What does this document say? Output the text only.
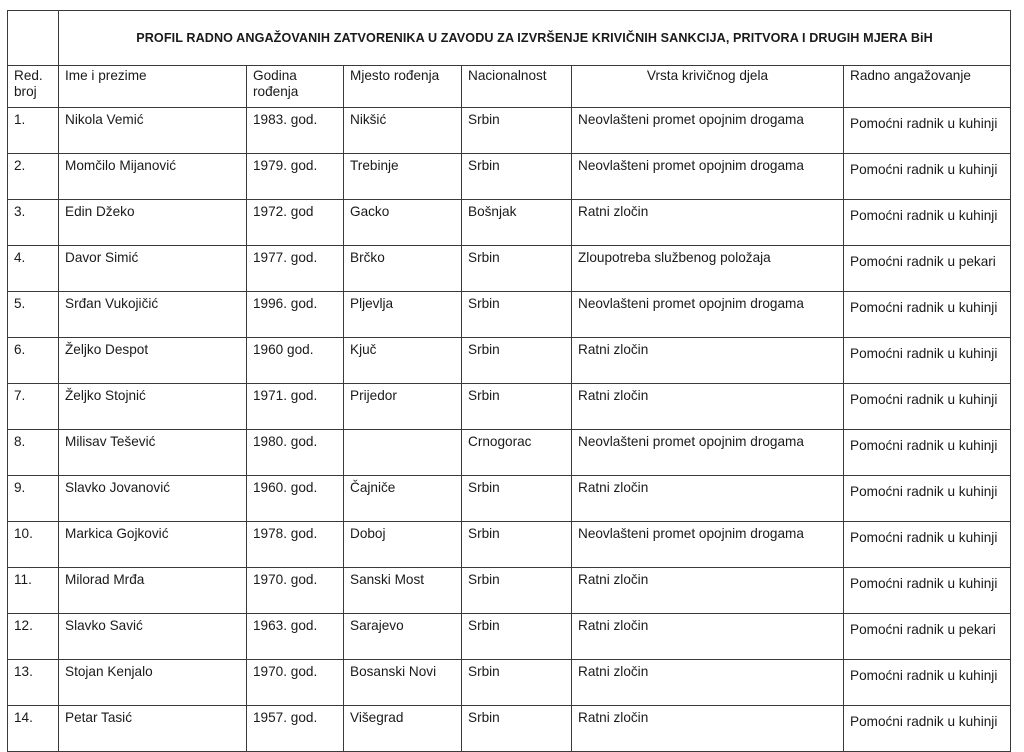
	PROFIL RADNO ANGAŽOVANIH ZATVORENIKA U ZAVODU ZA IZVRŠENJE KRIVIČNIH SANKCIJA, PRITVORA I DRUGIH MJERA BiH					
Red. broj	Ime i prezime	Godina rođenja	Mjesto rođenja	Nacionalnost	Vrsta krivičnog djela	Radno angažovanje
1.	Nikola Vemić	1983. god.	Nikšić	Srbin	Neovlašteni promet opojnim drogama	Pomoćni radnik u kuhinji
2.	Momčilo Mijanović	1979. god.	Trebinje	Srbin	Neovlašteni promet opojnim drogama	Pomoćni radnik u kuhinji
3.	Edin Džeko	1972. god	Gacko	Bošnjak	Ratni zločin	Pomoćni radnik u kuhinji
4.	Davor Simić	1977. god.	Brčko	Srbin	Zloupotreba službenog položaja	Pomoćni radnik u pekari
5.	Srđan Vukojičić	1996. god.	Pljevlja	Srbin	Neovlašteni promet opojnim drogama	Pomoćni radnik u kuhinji
6.	Željko Despot	1960 god.	Kjuč	Srbin	Ratni zločin	Pomoćni radnik u kuhinji
7.	Željko Stojnić	1971. god.	Prijedor	Srbin	Ratni zločin	Pomoćni radnik u kuhinji
8.	Milisav Tešević	1980. god.		Crnogorac	Neovlašteni promet opojnim drogama	Pomoćni radnik u kuhinji
9.	Slavko Jovanović	1960. god.	Čajniče	Srbin	Ratni zločin	Pomoćni radnik u kuhinji
10.	Markica Gojković	1978. god.	Doboj	Srbin	Neovlašteni promet opojnim drogama	Pomoćni radnik u kuhinji
11.	Milorad Mrđa	1970. god.	Sanski Most	Srbin	Ratni zločin	Pomoćni radnik u kuhinji
12.	Slavko Savić	1963. god.	Sarajevo	Srbin	Ratni zločin	Pomoćni radnik u pekari
13.	Stojan Kenjalo	1970. god.	Bosanski Novi	Srbin	Ratni zločin	Pomoćni radnik u kuhinji
14.	Petar Tasić	1957. god.	Višegrad	Srbin	Ratni zločin	Pomoćni radnik u kuhinji
